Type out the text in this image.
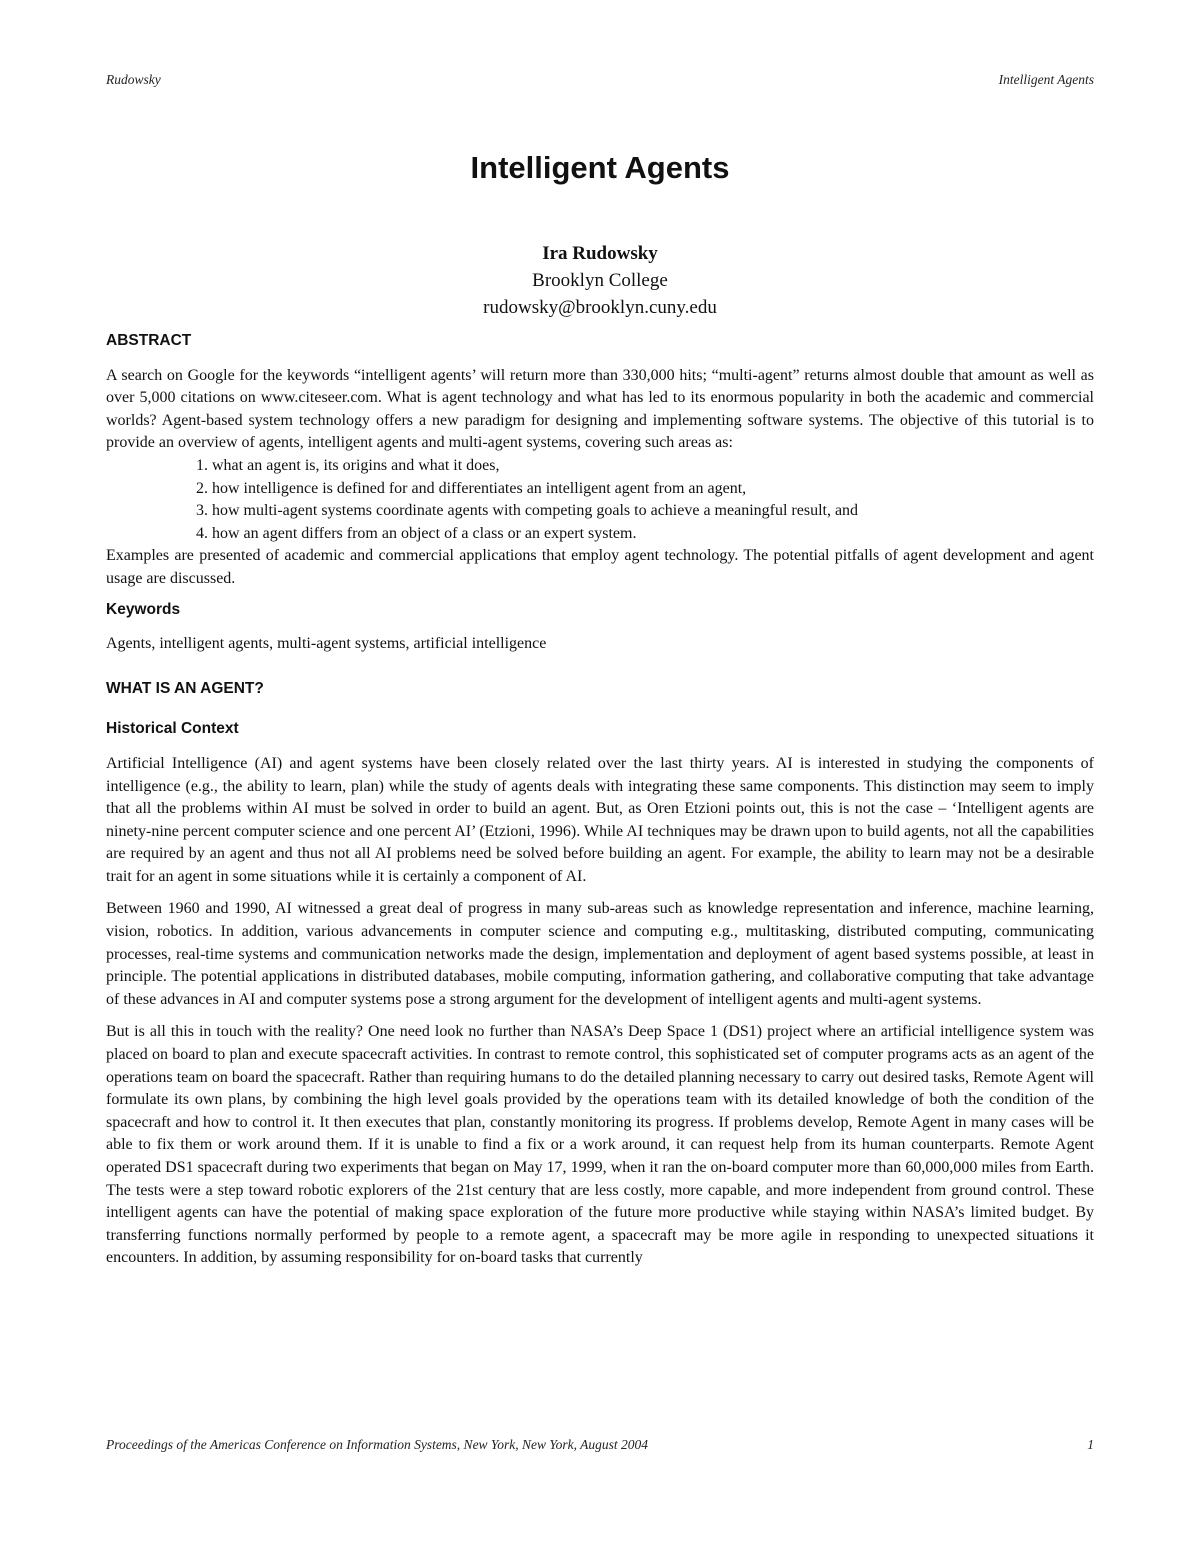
Rudowsky	Intelligent Agents
Intelligent Agents
Ira Rudowsky
Brooklyn College
rudowsky@brooklyn.cuny.edu
ABSTRACT

A search on Google for the keywords “intelligent agents’ will return more than 330,000 hits; “multi-agent” returns almost double that amount as well as over 5,000 citations on www.citeseer.com. What is agent technology and what has led to its enormous popularity in both the academic and commercial worlds? Agent-based system technology offers a new paradigm for designing and implementing software systems. The objective of this tutorial is to provide an overview of agents, intelligent agents and multi-agent systems, covering such areas as:

1. what an agent is, its origins and what it does,
2. how intelligence is defined for and differentiates an intelligent agent from an agent,
3. how multi-agent systems coordinate agents with competing goals to achieve a meaningful result, and
4. how an agent differs from an object of a class or an expert system.

Examples are presented of academic and commercial applications that employ agent technology. The potential pitfalls of agent development and agent usage are discussed.

Keywords

Agents, intelligent agents, multi-agent systems, artificial intelligence

WHAT IS AN AGENT?
Historical Context

Artificial Intelligence (AI) and agent systems have been closely related over the last thirty years. AI is interested in studying the components of intelligence (e.g., the ability to learn, plan) while the study of agents deals with integrating these same components. This distinction may seem to imply that all the problems within AI must be solved in order to build an agent. But, as Oren Etzioni points out, this is not the case – ‘Intelligent agents are ninety-nine percent computer science and one percent AI’ (Etzioni, 1996). While AI techniques may be drawn upon to build agents, not all the capabilities are required by an agent and thus not all AI problems need be solved before building an agent. For example, the ability to learn may not be a desirable trait for an agent in some situations while it is certainly a component of AI.

Between 1960 and 1990, AI witnessed a great deal of progress in many sub-areas such as knowledge representation and inference, machine learning, vision, robotics. In addition, various advancements in computer science and computing e.g., multitasking, distributed computing, communicating processes, real-time systems and communication networks made the design, implementation and deployment of agent based systems possible, at least in principle. The potential applications in distributed databases, mobile computing, information gathering, and collaborative computing that take advantage of these advances in AI and computer systems pose a strong argument for the development of intelligent agents and multi-agent systems.

But is all this in touch with the reality? One need look no further than NASA’s Deep Space 1 (DS1) project where an artificial intelligence system was placed on board to plan and execute spacecraft activities. In contrast to remote control, this sophisticated set of computer programs acts as an agent of the operations team on board the spacecraft. Rather than requiring humans to do the detailed planning necessary to carry out desired tasks, Remote Agent will formulate its own plans, by combining the high level goals provided by the operations team with its detailed knowledge of both the condition of the spacecraft and how to control it. It then executes that plan, constantly monitoring its progress. If problems develop, Remote Agent in many cases will be able to fix them or work around them. If it is unable to find a fix or a work around, it can request help from its human counterparts. Remote Agent operated DS1 spacecraft during two experiments that began on May 17, 1999, when it ran the on-board computer more than 60,000,000 miles from Earth. The tests were a step toward robotic explorers of the 21st century that are less costly, more capable, and more independent from ground control. These intelligent agents can have the potential of making space exploration of the future more productive while staying within NASA’s limited budget. By transferring functions normally performed by people to a remote agent, a spacecraft may be more agile in responding to unexpected situations it encounters. In addition, by assuming responsibility for on-board tasks that currently

Proceedings of the Americas Conference on Information Systems, New York, New York, August 2004	1
